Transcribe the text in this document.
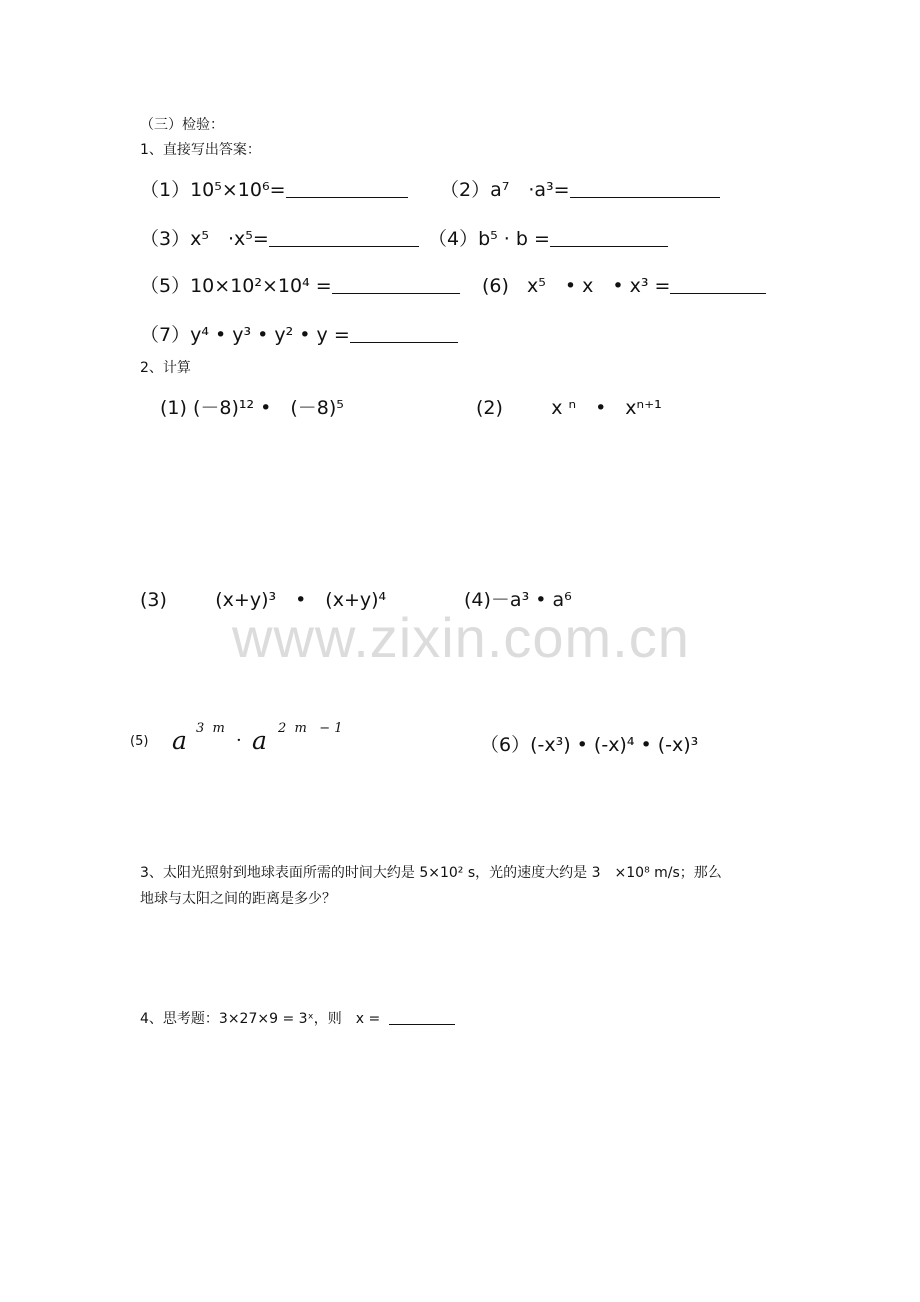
（三）检验：
1、直接写出答案：
（1）10⁵×10⁶=	（2）a⁷　·a³=
（3）x⁵　·x⁵=	（4）b⁵ · b =
（5）10×10²×10⁴ =	(6) x⁵　• x　• x³ =
（7）y⁴ • y³ • y² • y =
2、计算
(1) (－8)¹² •　(－8)⁵	(2)	x ⁿ　•　xⁿ⁺¹
(3)	(x+y)³　•　(x+y)⁴	(4)－a³ • a⁶
www.zixin.com.cn
(5) a 3  m
· a 2  m   − 1
（6）(-x³) • (-x)⁴ • (-x)³
3、太阳光照射到地球表面所需的时间大约是 5×10² s，光的速度大约是 3　×10⁸ m/s；那么
地球与太阳之间的距离是多少？
4、思考题：3×27×9 = 3ˣ，则　x =
